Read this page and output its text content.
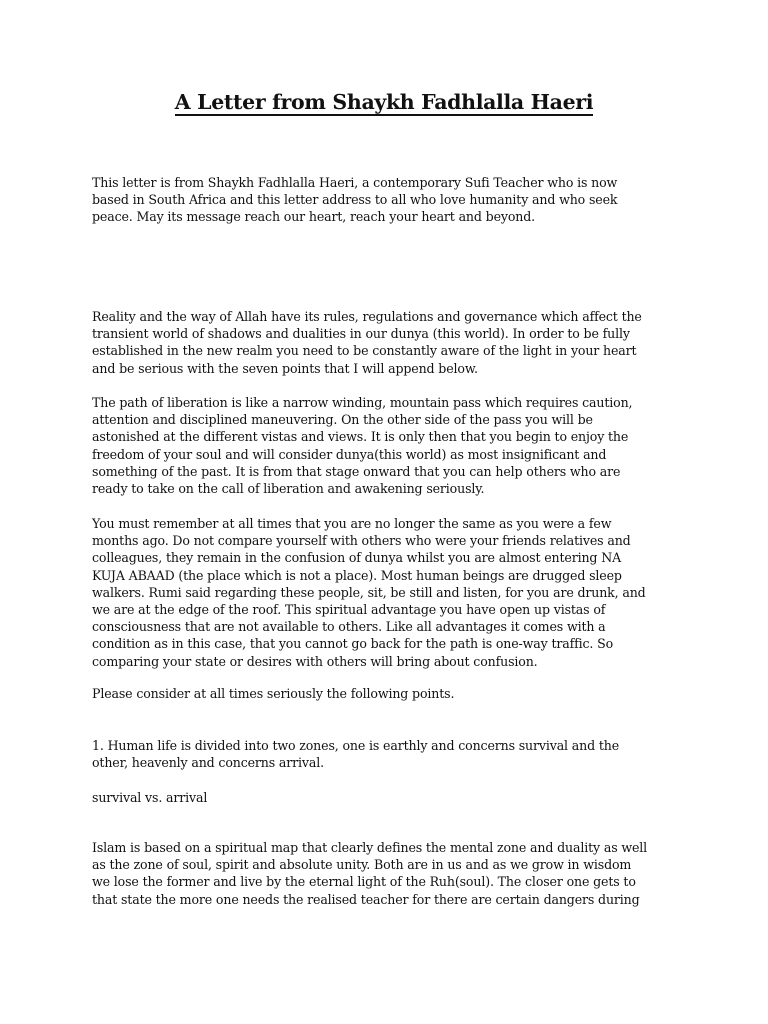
A Letter from Shaykh Fadhlalla Haeri

This letter is from Shaykh Fadhlalla Haeri, a contemporary Sufi Teacher who is now
based in South Africa and this letter address to all who love humanity and who seek
peace. May its message reach our heart, reach your heart and beyond.

Reality and the way of Allah have its rules, regulations and governance which affect the
transient world of shadows and dualities in our dunya (this world). In order to be fully
established in the new realm you need to be constantly aware of the light in your heart
and be serious with the seven points that I will append below.

The path of liberation is like a narrow winding, mountain pass which requires caution,
attention and disciplined maneuvering. On the other side of the pass you will be
astonished at the different vistas and views. It is only then that you begin to enjoy the
freedom of your soul and will consider dunya(this world) as most insignificant and
something of the past. It is from that stage onward that you can help others who are
ready to take on the call of liberation and awakening seriously.

You must remember at all times that you are no longer the same as you were a few
months ago. Do not compare yourself with others who were your friends relatives and
colleagues, they remain in the confusion of dunya whilst you are almost entering NA
KUJA ABAAD (the place which is not a place). Most human beings are drugged sleep
walkers. Rumi said regarding these people, sit, be still and listen, for you are drunk, and
we are at the edge of the roof. This spiritual advantage you have open up vistas of
consciousness that are not available to others. Like all advantages it comes with a
condition as in this case, that you cannot go back for the path is one-way traffic. So
comparing your state or desires with others will bring about confusion.

Please consider at all times seriously the following points.

1. Human life is divided into two zones, one is earthly and concerns survival and the
other, heavenly and concerns arrival.

survival vs. arrival

Islam is based on a spiritual map that clearly defines the mental zone and duality as well
as the zone of soul, spirit and absolute unity. Both are in us and as we grow in wisdom
we lose the former and live by the eternal light of the Ruh(soul). The closer one gets to
that state the more one needs the realised teacher for there are certain dangers during
